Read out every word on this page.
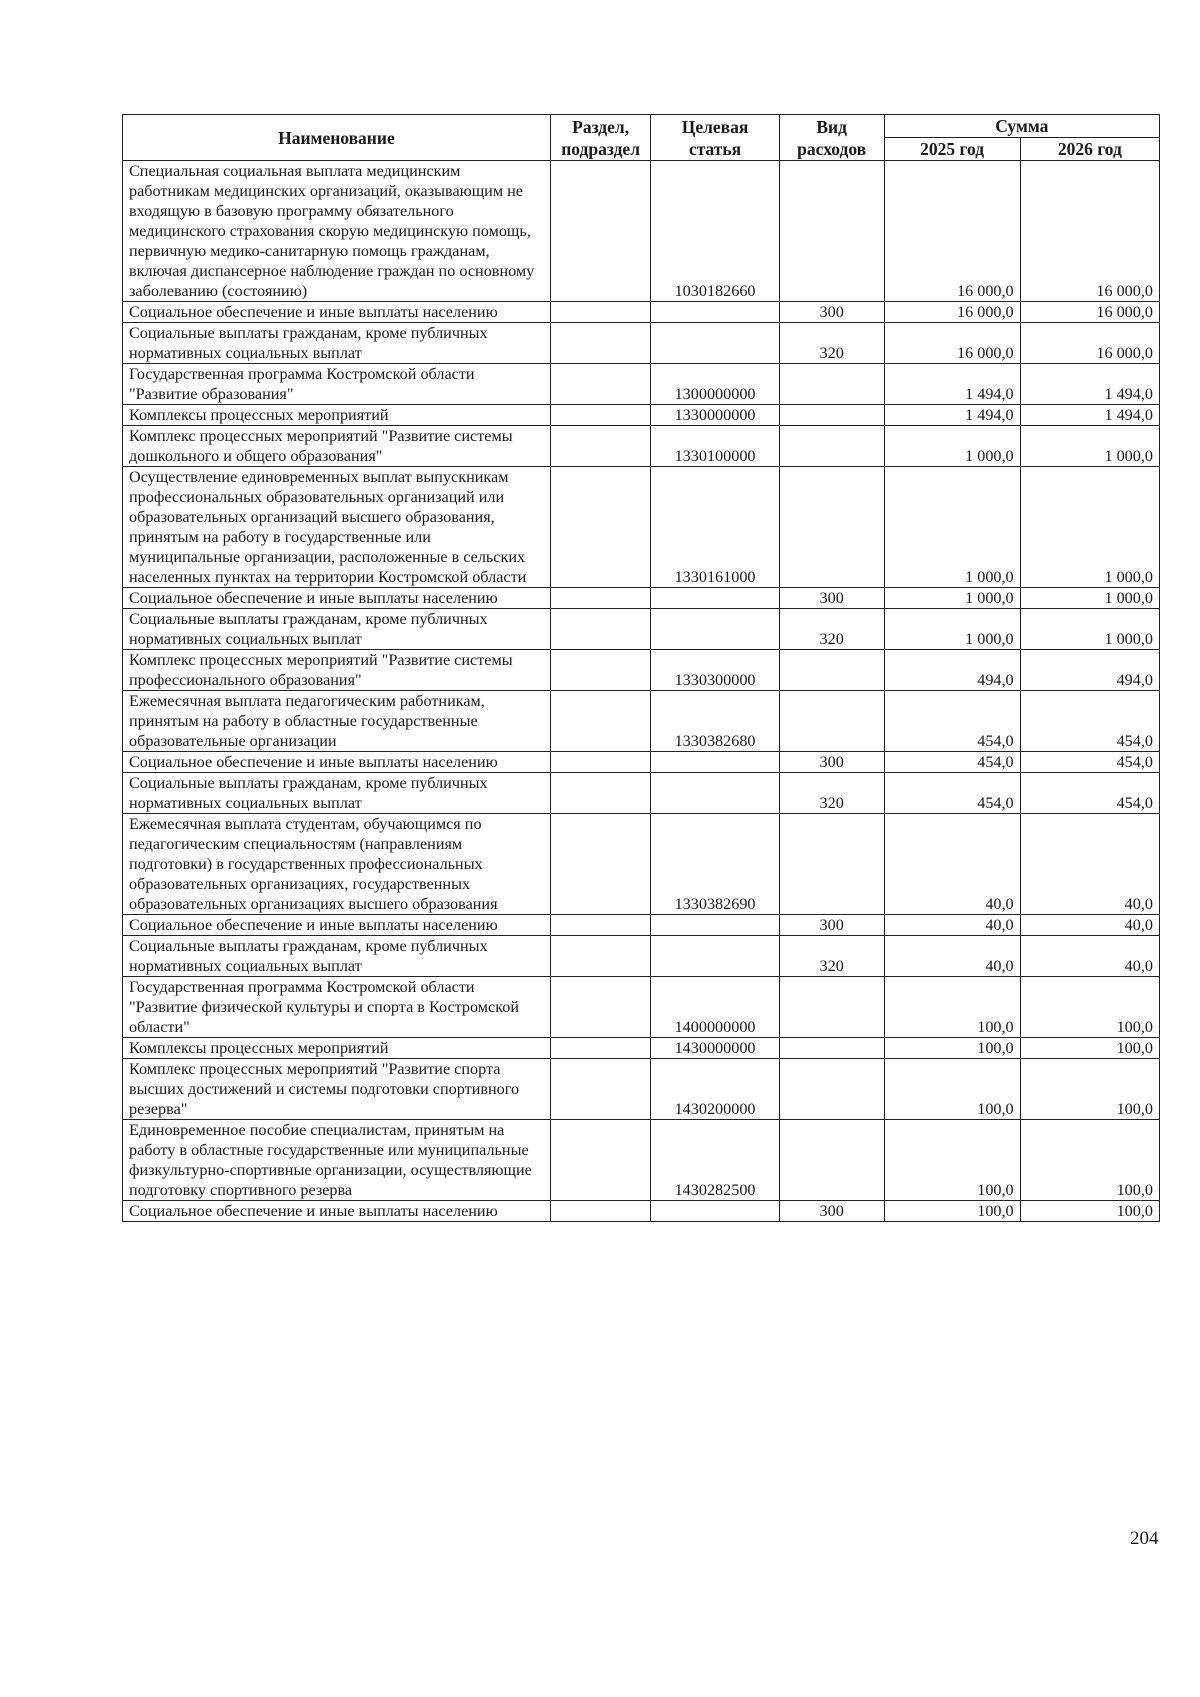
Наименование	Раздел, подраздел	Целевая статья	Вид расходов	Сумма	
				2025 год	2026 год
Специальная социальная выплата медицинским работникам медицинских организаций, оказывающим не входящую в базовую программу обязательного медицинского страхования скорую медицинскую помощь, первичную медико-санитарную помощь гражданам, включая диспансерное наблюдение граждан по основному заболеванию (состоянию)		1030182660		16 000,0	16 000,0
Социальное обеспечение и иные выплаты населению			300	16 000,0	16 000,0
Социальные выплаты гражданам, кроме публичных нормативных социальных выплат			320	16 000,0	16 000,0
Государственная программа Костромской области "Развитие образования"		1300000000		1 494,0	1 494,0
Комплексы процессных мероприятий		1330000000		1 494,0	1 494,0
Комплекс процессных мероприятий "Развитие системы дошкольного и общего образования"		1330100000		1 000,0	1 000,0
Осуществление единовременных выплат выпускникам профессиональных образовательных организаций или образовательных организаций высшего образования, принятым на работу в государственные или муниципальные организации, расположенные в сельских населенных пунктах на территории Костромской области		1330161000		1 000,0	1 000,0
Социальное обеспечение и иные выплаты населению			300	1 000,0	1 000,0
Социальные выплаты гражданам, кроме публичных нормативных социальных выплат			320	1 000,0	1 000,0
Комплекс процессных мероприятий "Развитие системы профессионального образования"		1330300000		494,0	494,0
Ежемесячная выплата педагогическим работникам, принятым на работу в областные государственные образовательные организации		1330382680		454,0	454,0
Социальное обеспечение и иные выплаты населению			300	454,0	454,0
Социальные выплаты гражданам, кроме публичных нормативных социальных выплат			320	454,0	454,0
Ежемесячная выплата студентам, обучающимся по педагогическим специальностям (направлениям подготовки) в государственных профессиональных образовательных организациях, государственных образовательных организациях высшего образования		1330382690		40,0	40,0
Социальное обеспечение и иные выплаты населению			300	40,0	40,0
Социальные выплаты гражданам, кроме публичных нормативных социальных выплат			320	40,0	40,0
Государственная программа Костромской области "Развитие физической культуры и спорта в Костромской области"		1400000000		100,0	100,0
Комплексы процессных мероприятий		1430000000		100,0	100,0
Комплекс процессных мероприятий "Развитие спорта высших достижений и системы подготовки спортивного резерва"		1430200000		100,0	100,0
Единовременное пособие специалистам, принятым на работу в областные государственные или муниципальные физкультурно-спортивные организации, осуществляющие подготовку спортивного резерва		1430282500		100,0	100,0
Социальное обеспечение и иные выплаты населению			300	100,0	100,0
204
